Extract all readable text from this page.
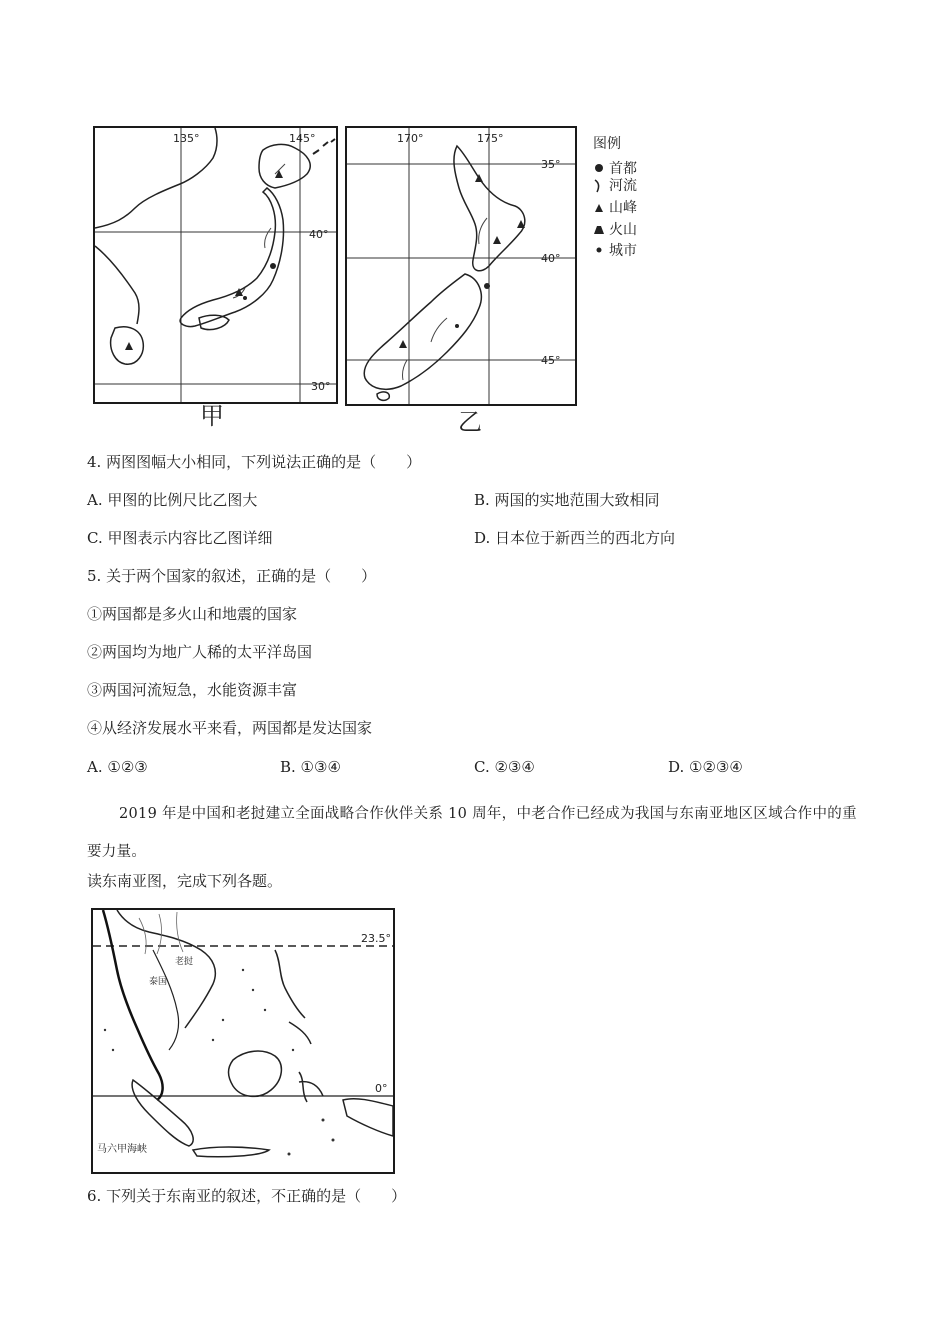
135°	145°
40°
30°
甲
170°	175°
35°
40°
45°
乙
图例
首都
河流
山峰
火山
城市
4. 两图图幅大小相同，下列说法正确的是（　　）
A. 甲图的比例尺比乙图大	B. 两国的实地范围大致相同
C. 甲图表示内容比乙图详细	D. 日本位于新西兰的西北方向
5. 关于两个国家的叙述，正确的是（　　）
①两国都是多火山和地震的国家
②两国均为地广人稀的太平洋岛国
③两国河流短急，水能资源丰富
④从经济发展水平来看，两国都是发达国家
A. ①②③	B. ①③④	C. ②③④	D. ①②③④
2019 年是中国和老挝建立全面战略合作伙伴关系 10 周年，中老合作已经成为我国与东南亚地区区域合作中的重要力量。
读东南亚图，完成下列各题。
23.5°
0°
老挝
泰国
马六甲海峡
6. 下列关于东南亚的叙述，不正确的是（　　）
